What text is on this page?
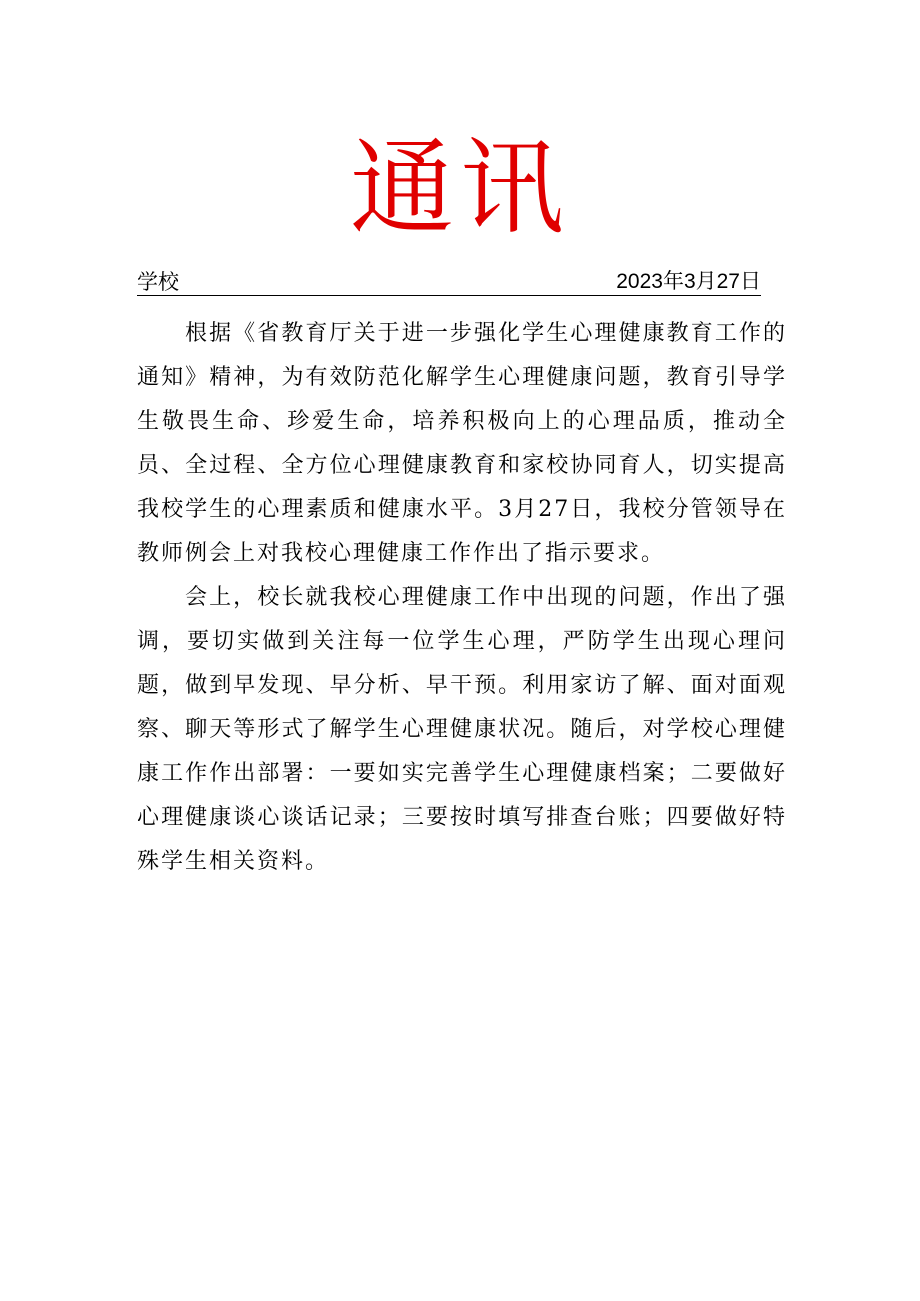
通讯
学校	2023年3月27日

根据《省教育厅关于进一步强化学生心理健康教育工作的通知》精神，为有效防范化解学生心理健康问题，教育引导学生敬畏生命、珍爱生命，培养积极向上的心理品质，推动全员、全过程、全方位心理健康教育和家校协同育人，切实提高我校学生的心理素质和健康水平。3月27日，我校分管领导在教师例会上对我校心理健康工作作出了指示要求。

会上，校长就我校心理健康工作中出现的问题，作出了强调，要切实做到关注每一位学生心理，严防学生出现心理问题，做到早发现、早分析、早干预。利用家访了解、面对面观察、聊天等形式了解学生心理健康状况。随后，对学校心理健康工作作出部署：一要如实完善学生心理健康档案；二要做好心理健康谈心谈话记录；三要按时填写排查台账；四要做好特殊学生相关资料。
